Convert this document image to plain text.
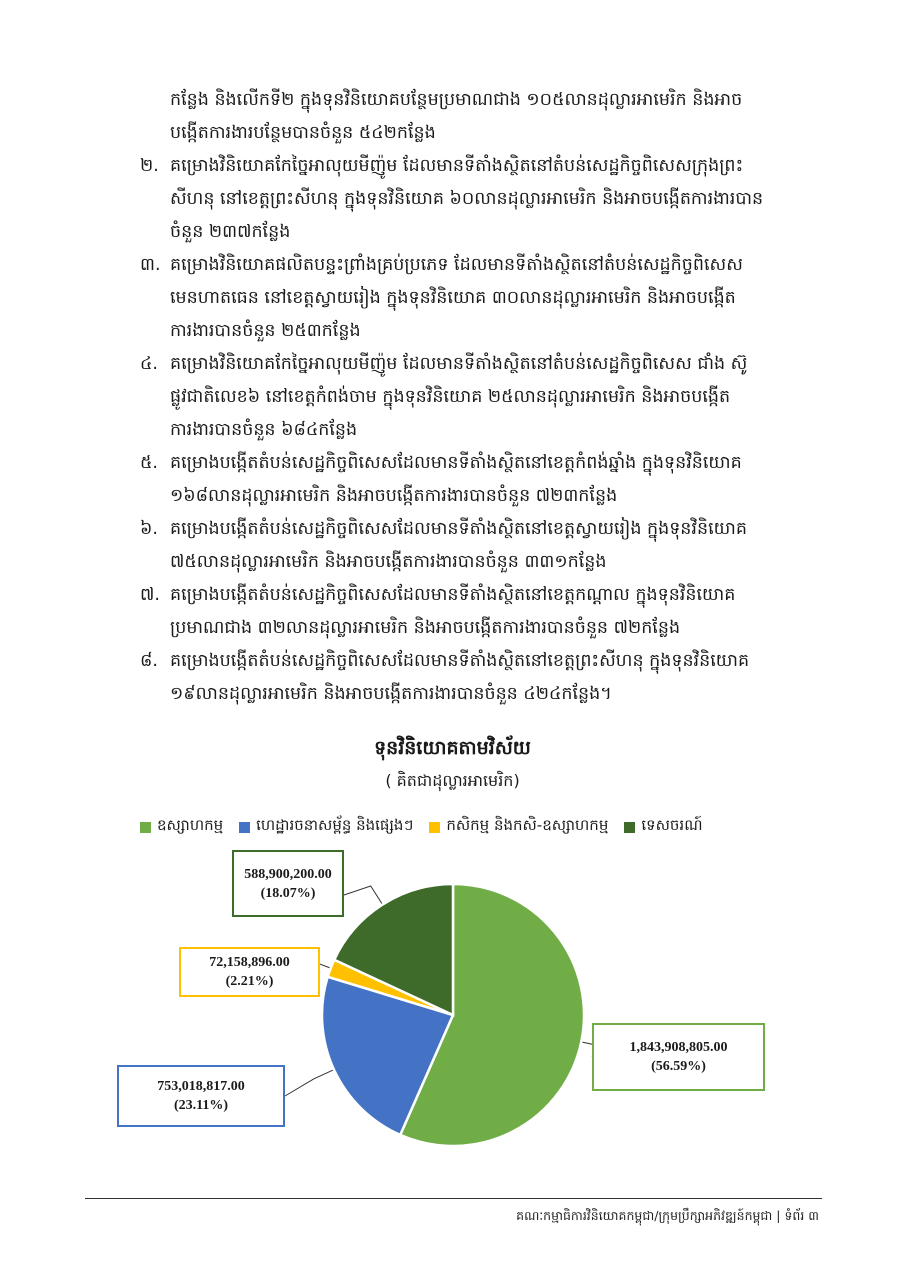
កន្លែង និងលើកទី២ ក្នុងទុនវិនិយោគបន្ថែមប្រមាណជាង ១០៥លានដុល្លារអាមេរិក និងអាច
បង្កើតការងារបន្ថែមបានចំនួន ៥៤២កន្លែង
២. គម្រោងវិនិយោគកែច្នៃអាលុយមីញ៉ូម ដែលមានទីតាំងស្ថិតនៅតំបន់សេដ្ឋកិច្ចពិសេសក្រុងព្រះ
សីហនុ នៅខេត្តព្រះសីហនុ ក្នុងទុនវិនិយោគ ៦០លានដុល្លារអាមេរិក និងអាចបង្កើតការងារបាន
ចំនួន ២៣៧កន្លែង
៣. គម្រោងវិនិយោគផលិតបន្ទះព្រាំងគ្រប់ប្រភេទ ដែលមានទីតាំងស្ថិតនៅតំបន់សេដ្ឋកិច្ចពិសេស
មេនហាតធេន នៅខេត្តស្វាយរៀង ក្នុងទុនវិនិយោគ ៣០លានដុល្លារអាមេរិក និងអាចបង្កើត
ការងារបានចំនួន ២៥៣កន្លែង
៤. គម្រោងវិនិយោគកែច្នៃអាលុយមីញ៉ូម ដែលមានទីតាំងស្ថិតនៅតំបន់សេដ្ឋកិច្ចពិសេស ជាំង ស៊ូ
ផ្លូវជាតិលេខ៦ នៅខេត្តកំពង់ចាម ក្នុងទុនវិនិយោគ ២៥លានដុល្លារអាមេរិក និងអាចបង្កើត
ការងារបានចំនួន ៦៨៤កន្លែង
៥. គម្រោងបង្កើតតំបន់សេដ្ឋកិច្ចពិសេសដែលមានទីតាំងស្ថិតនៅខេត្តកំពង់ឆ្នាំង ក្នុងទុនវិនិយោគ
១៦៨លានដុល្លារអាមេរិក និងអាចបង្កើតការងារបានចំនួន ៧២៣កន្លែង
៦. គម្រោងបង្កើតតំបន់សេដ្ឋកិច្ចពិសេសដែលមានទីតាំងស្ថិតនៅខេត្តស្វាយរៀង ក្នុងទុនវិនិយោគ
៧៥លានដុល្លារអាមេរិក និងអាចបង្កើតការងារបានចំនួន ៣៣១កន្លែង
៧. គម្រោងបង្កើតតំបន់សេដ្ឋកិច្ចពិសេសដែលមានទីតាំងស្ថិតនៅខេត្តកណ្ដាល ក្នុងទុនវិនិយោគ
ប្រមាណជាង ៣២លានដុល្លារអាមេរិក និងអាចបង្កើតការងារបានចំនួន ៧២កន្លែង
៨. គម្រោងបង្កើតតំបន់សេដ្ឋកិច្ចពិសេសដែលមានទីតាំងស្ថិតនៅខេត្តព្រះសីហនុ ក្នុងទុនវិនិយោគ
១៩លានដុល្លារអាមេរិក និងអាចបង្កើតការងារបានចំនួន ៤២៤កន្លែង។
ទុនវិនិយោគតាមវិស័យ
( គិតជាដុល្លារអាមេរិក)
ឧស្សាហកម្ម ហេដ្ឋារចនាសម្ព័ន្ធ និងផ្សេងៗ កសិកម្ម និងកសិ-ឧស្សាហកម្ម ទេសចរណ៍
1,843,908,805.00
(56.59%)
753,018,817.00
(23.11%)
72,158,896.00
(2.21%)
588,900,200.00
(18.07%)
គណៈកម្មាធិការវិនិយោគកម្ពុជា/ក្រុមប្រឹក្សាអភិវឌ្ឍន៍កម្ពុជា | ទំព័រ ៣
